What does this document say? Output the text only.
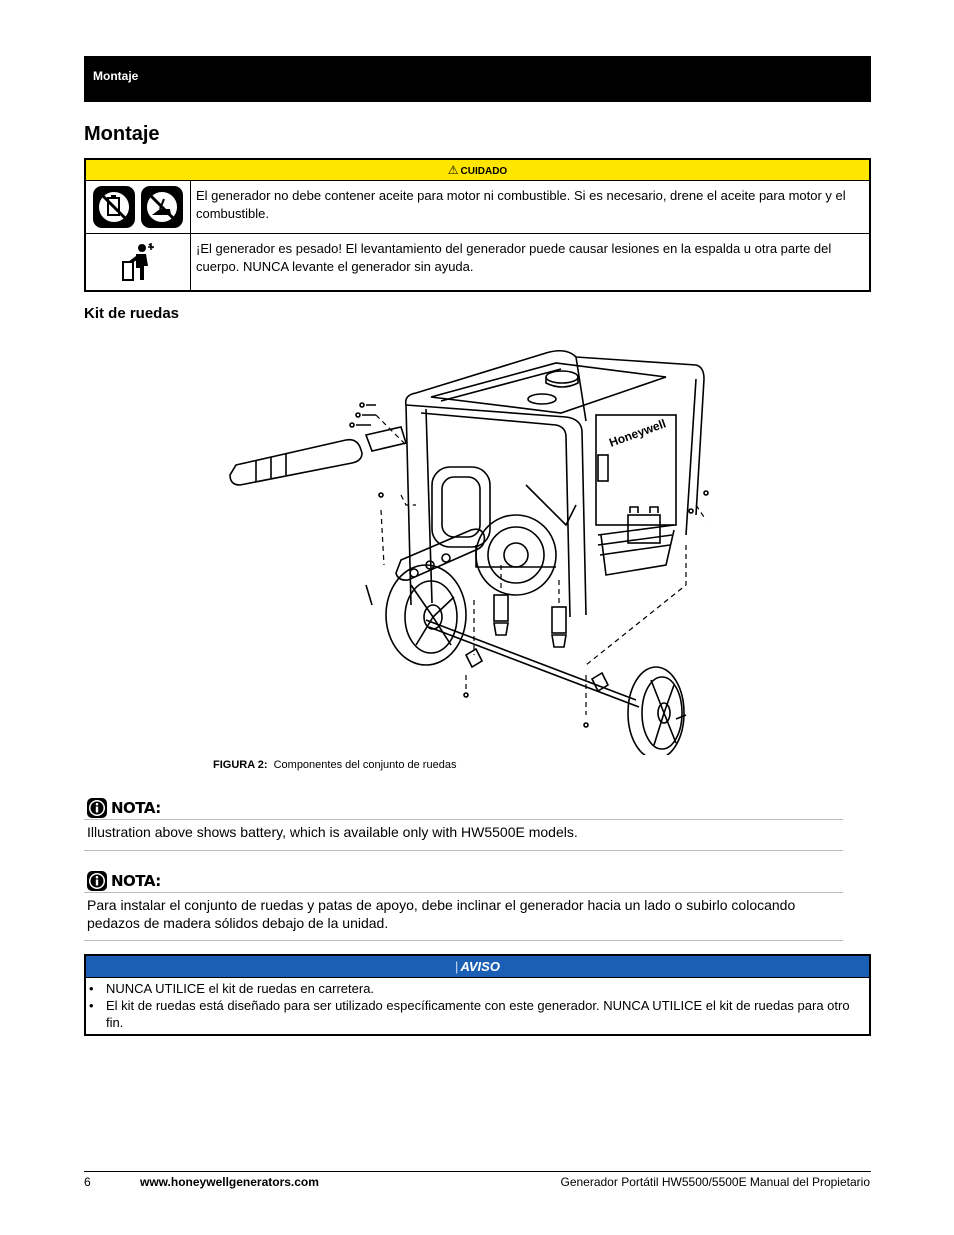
Montaje
Montaje
⚠ CUIDADO
El generador no debe contener aceite para motor ni combustible. Si es necesario, drene el aceite para motor y el combustible.
¡El generador es pesado! El levantamiento del generador puede causar lesiones en la espalda u otra parte del cuerpo. NUNCA levante el generador sin ayuda.
Kit de ruedas
Honeywell
FIGURA 2: Componentes del conjunto de ruedas
NOTA:
Illustration above shows battery, which is available only with HW5500E models.
NOTA:
Para instalar el conjunto de ruedas y patas de apoyo, debe inclinar el generador hacia un lado o subirlo colocando pedazos de madera sólidos debajo de la unidad.
| AVISO
• NUNCA UTILICE el kit de ruedas en carretera.
• El kit de ruedas está diseñado para ser utilizado específicamente con este generador. NUNCA UTILICE el kit de ruedas para otro fin.
6	www.honeywellgenerators.com	Generador Portátil HW5500/5500E Manual del Propietario
